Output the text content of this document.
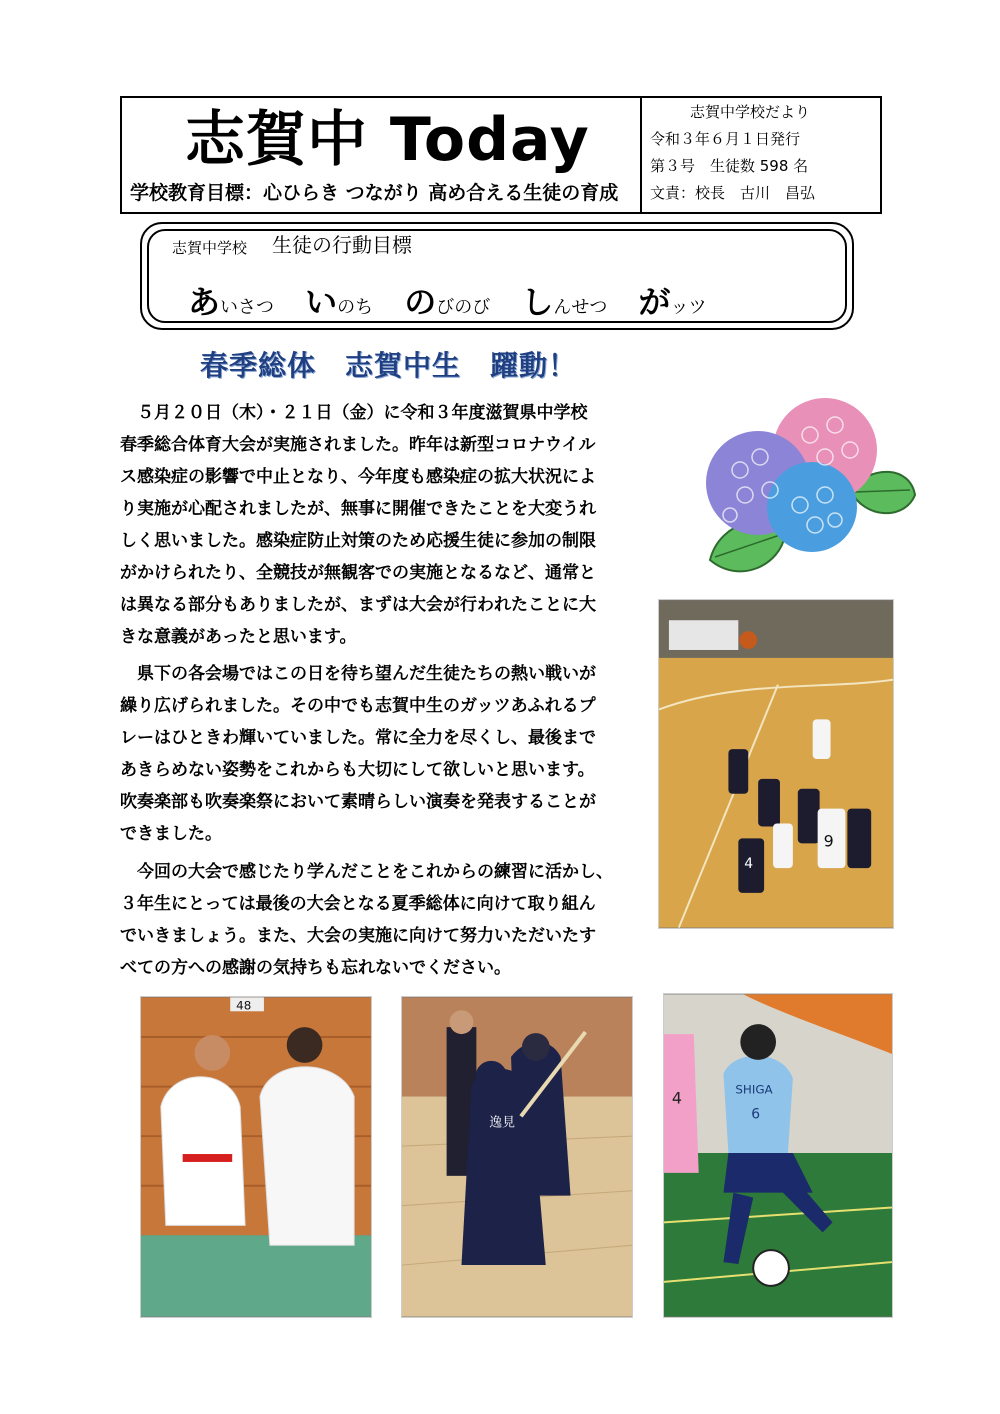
志賀中 Today
学校教育目標：心ひらき つながり 高め合える生徒の育成
志賀中学校だより
令和３年６月１日発行
第３号　生徒数 598 名
文責：校長　古川　昌弘
志賀中学校 生徒の行動目標
あいさつ いのち のびのび しんせつ がッツ
春季総体　志賀中生　躍動！
　５月２０日（木）・２１日（金）に令和３年度滋賀県中学校
春季総合体育大会が実施されました。昨年は新型コロナウイル
ス感染症の影響で中止となり、今年度も感染症の拡大状況によ
り実施が心配されましたが、無事に開催できたことを大変うれ
しく思いました。感染症防止対策のため応援生徒に参加の制限
がかけられたり、全競技が無観客での実施となるなど、通常と
は異なる部分もありましたが、まずは大会が行われたことに大
きな意義があったと思います。
　県下の各会場ではこの日を待ち望んだ生徒たちの熱い戦いが
繰り広げられました。その中でも志賀中生のガッツあふれるプ
レーはひときわ輝いていました。常に全力を尽くし、最後まで
あきらめない姿勢をこれからも大切にして欲しいと思います。
吹奏楽部も吹奏楽祭において素晴らしい演奏を発表することが
できました。
　今回の大会で感じたり学んだことをこれからの練習に活かし、
３年生にとっては最後の大会となる夏季総体に向けて取り組ん
でいきましょう。また、大会の実施に向けて努力いただいたす
べての方への感謝の気持ちも忘れないでください。
9
4
48
逸見
4	SHIGA
6
